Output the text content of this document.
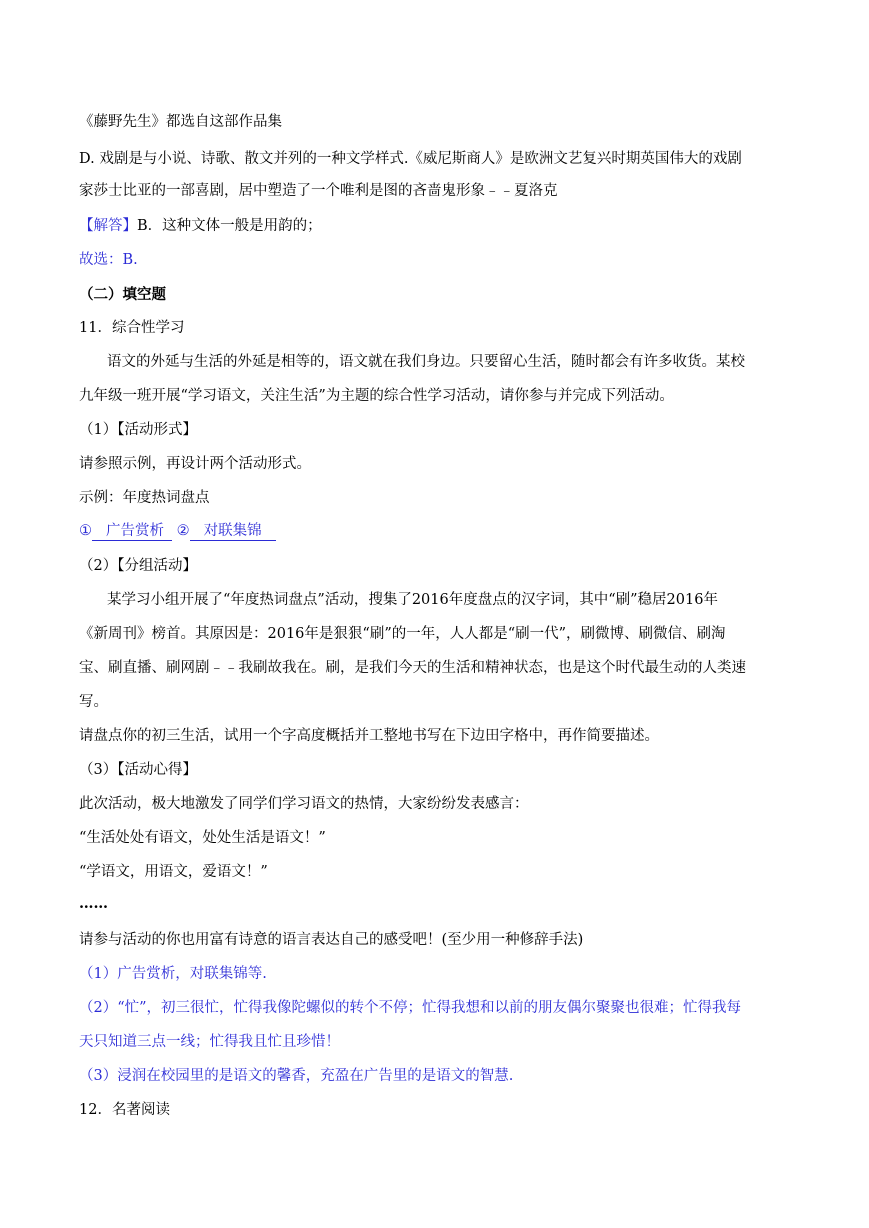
《藤野先生》都选自这部作品集
D. 戏剧是与小说、诗歌、散文并列的一种文学样式.《威尼斯商人》是欧洲文艺复兴时期英国伟大的戏剧
家莎士比亚的一部喜剧，居中塑造了一个唯利是图的吝啬鬼形象﹣﹣夏洛克
【解答】B．这种文体一般是用韵的；
故选：B.
（二）填空题
11．综合性学习
语文的外延与生活的外延是相等的，语文就在我们身边。只要留心生活，随时都会有许多收货。某校
九年级一班开展“学习语文，关注生活”为主题的综合性学习活动，请你参与并完成下列活动。
（1）【活动形式】
请参照示例，再设计两个活动形式。
示例：年度热词盘点
① 广告赏析 ② 对联集锦
（2）【分组活动】
某学习小组开展了“年度热词盘点”活动，搜集了2016年度盘点的汉字词，其中“刷”稳居2016年
《新周刊》榜首。其原因是：2016年是狠狠“刷”的一年，人人都是“刷一代”，刷微博、刷微信、刷淘
宝、刷直播、刷网剧﹣﹣我刷故我在。刷，是我们今天的生活和精神状态，也是这个时代最生动的人类速
写。
请盘点你的初三生活，试用一个字高度概括并工整地书写在下边田字格中，再作简要描述。
（3）【活动心得】
此次活动，极大地激发了同学们学习语文的热情，大家纷纷发表感言：
“生活处处有语文，处处生活是语文！”
“学语文，用语文，爱语文！”
……
请参与活动的你也用富有诗意的语言表达自己的感受吧！(至少用一种修辞手法)
（1）广告赏析，对联集锦等.
（2）“忙”，初三很忙，忙得我像陀螺似的转个不停；忙得我想和以前的朋友偶尔聚聚也很难；忙得我每
天只知道三点一线；忙得我且忙且珍惜！
（3）浸润在校园里的是语文的馨香，充盈在广告里的是语文的智慧.
12．名著阅读
